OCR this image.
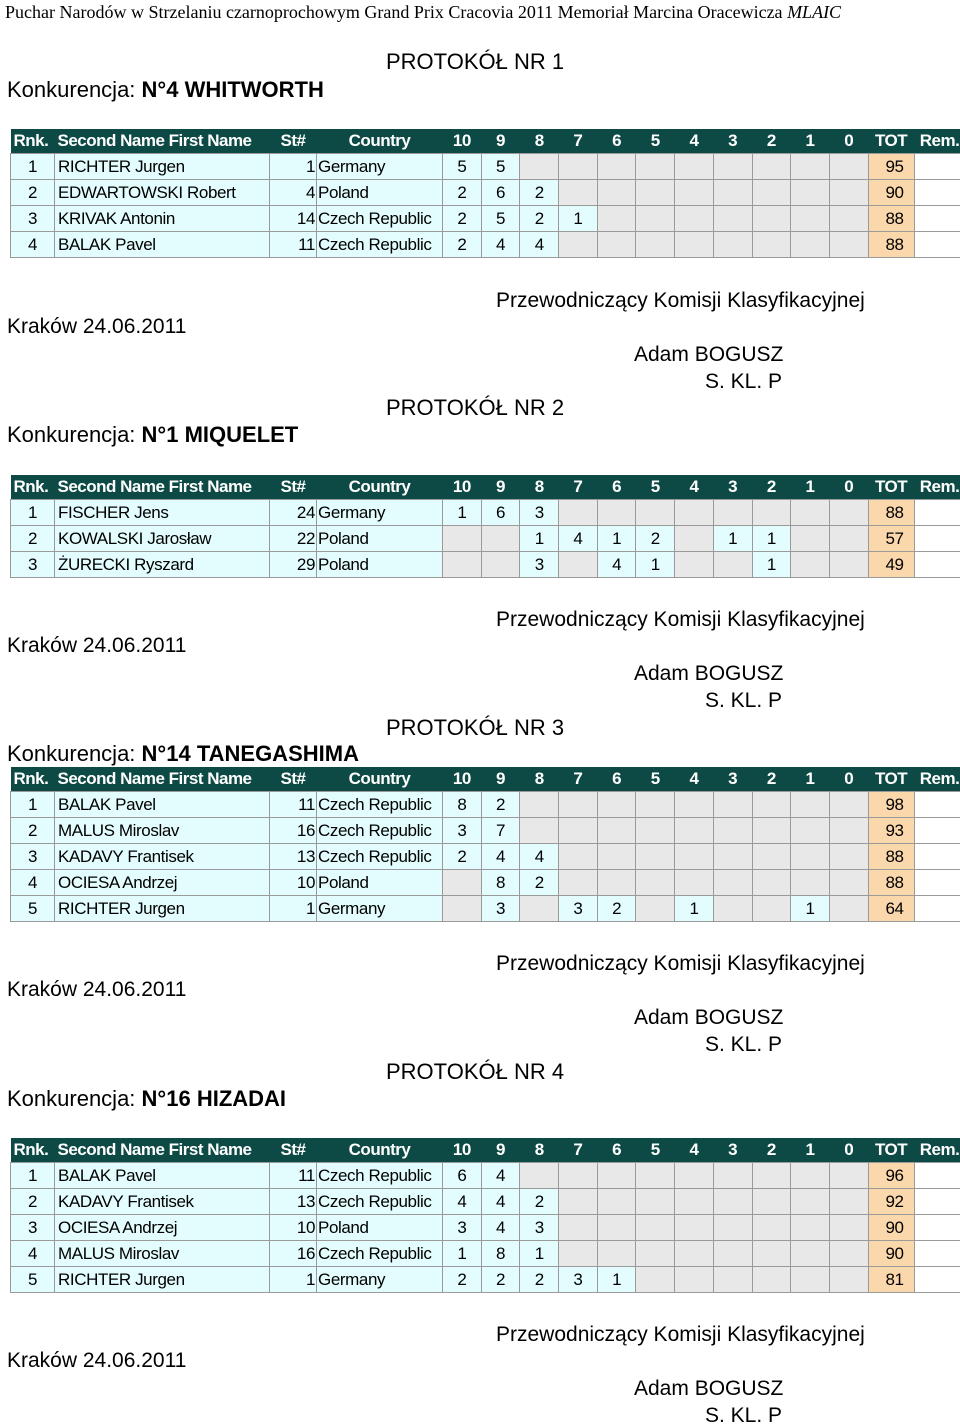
Puchar Narodów w Strzelaniu czarnoprochowym Grand Prix Cracovia 2011 Memoriał Marcina Oracewicza MLAIC
PROTOKÓŁ NR 1
Konkurencja: N°4 WHITWORTH
Rnk.	Second Name First Name	St#	Country	10	9	8	7	6	5	4	3	2	1	0	TOT	Rem.
1	RICHTER Jurgen	1	Germany	5	5										95	
2	EDWARTOWSKI Robert	4	Poland	2	6	2									90	
3	KRIVAK Antonin	14	Czech Republic	2	5	2	1								88	
4	BALAK Pavel	11	Czech Republic	2	4	4									88	
Przewodniczący Komisji Klasyfikacyjnej
Kraków 24.06.2011
Adam BOGUSZ
S. KL. P
PROTOKÓŁ NR 2
Konkurencja: N°1 MIQUELET
Rnk.	Second Name First Name	St#	Country	10	9	8	7	6	5	4	3	2	1	0	TOT	Rem.
1	FISCHER Jens	24	Germany	1	6	3									88	
2	KOWALSKI Jarosław	22	Poland			1	4	1	2		1	1			57	
3	ŻURECKI Ryszard	29	Poland			3		4	1			1			49	
Przewodniczący Komisji Klasyfikacyjnej
Kraków 24.06.2011
Adam BOGUSZ
S. KL. P
PROTOKÓŁ NR 3
Konkurencja: N°14 TANEGASHIMA
Rnk.	Second Name First Name	St#	Country	10	9	8	7	6	5	4	3	2	1	0	TOT	Rem.
1	BALAK Pavel	11	Czech Republic	8	2										98	
2	MALUS Miroslav	16	Czech Republic	3	7										93	
3	KADAVY Frantisek	13	Czech Republic	2	4	4									88	
4	OCIESA Andrzej	10	Poland		8	2									88	
5	RICHTER Jurgen	1	Germany		3		3	2		1			1		64	
Przewodniczący Komisji Klasyfikacyjnej
Kraków 24.06.2011
Adam BOGUSZ
S. KL. P
PROTOKÓŁ NR 4
Konkurencja: N°16 HIZADAI
Rnk.	Second Name First Name	St#	Country	10	9	8	7	6	5	4	3	2	1	0	TOT	Rem.
1	BALAK Pavel	11	Czech Republic	6	4										96	
2	KADAVY Frantisek	13	Czech Republic	4	4	2									92	
3	OCIESA Andrzej	10	Poland	3	4	3									90	
4	MALUS Miroslav	16	Czech Republic	1	8	1									90	
5	RICHTER Jurgen	1	Germany	2	2	2	3	1							81	
Przewodniczący Komisji Klasyfikacyjnej
Kraków 24.06.2011
Adam BOGUSZ
S. KL. P
